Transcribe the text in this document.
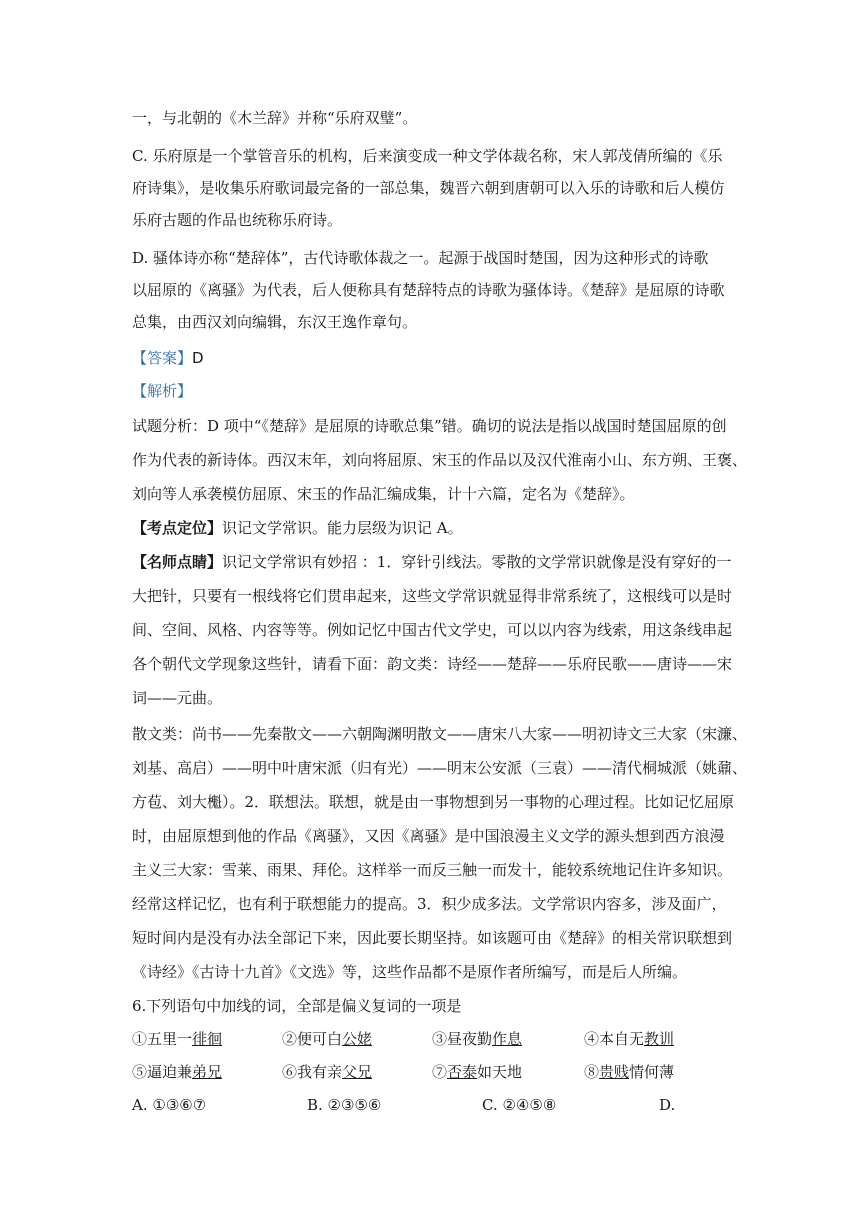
一，与北朝的《木兰辞》并称“乐府双璧”。
C. 乐府原是一个掌管音乐的机构，后来演变成一种文学体裁名称，宋人郭茂倩所编的《乐
府诗集》，是收集乐府歌词最完备的一部总集，魏晋六朝到唐朝可以入乐的诗歌和后人模仿
乐府古题的作品也统称乐府诗。
D. 骚体诗亦称“楚辞体”，古代诗歌体裁之一。起源于战国时楚国，因为这种形式的诗歌
以屈原的《离骚》为代表，后人便称具有楚辞特点的诗歌为骚体诗。《楚辞》是屈原的诗歌
总集，由西汉刘向编辑，东汉王逸作章句。
【答案】D
【解析】
试题分析：D 项中“《楚辞》是屈原的诗歌总集”错。确切的说法是指以战国时楚国屈原的创
作为代表的新诗体。西汉末年，刘向将屈原、宋玉的作品以及汉代淮南小山、东方朔、王褒、
刘向等人承袭模仿屈原、宋玉的作品汇编成集，计十六篇，定名为《楚辞》。
【考点定位】识记文学常识。能力层级为识记 A。
【名师点睛】识记文学常识有妙招 ：1．穿针引线法。零散的文学常识就像是没有穿好的一
大把针，只要有一根线将它们贯串起来，这些文学常识就显得非常系统了，这根线可以是时
间、空间、风格、内容等等。例如记忆中国古代文学史，可以以内容为线索，用这条线串起
各个朝代文学现象这些针，请看下面：韵文类：诗经——楚辞——乐府民歌——唐诗——宋
词——元曲。
散文类：尚书——先秦散文——六朝陶渊明散文——唐宋八大家——明初诗文三大家（宋濂、
刘基、高启）——明中叶唐宋派（归有光）——明末公安派（三袁）——清代桐城派（姚鼐、
方苞、刘大櫆）。2．联想法。联想，就是由一事物想到另一事物的心理过程。比如记忆屈原
时，由屈原想到他的作品《离骚》，又因《离骚》是中国浪漫主义文学的源头想到西方浪漫
主义三大家：雪莱、雨果、拜伦。这样举一而反三触一而发十，能较系统地记住许多知识。
经常这样记忆，也有利于联想能力的提高。3．积少成多法。文学常识内容多，涉及面广，
短时间内是没有办法全部记下来，因此要长期坚持。如该题可由《楚辞》的相关常识联想到
《诗经》《古诗十九首》《文选》等，这些作品都不是原作者所编写，而是后人所编。
6.下列语句中加线的词，全部是偏义复词的一项是
①五里一徘徊	②便可白公姥	③昼夜勤作息	④本自无教训
⑤逼迫兼弟兄	⑥我有亲父兄	⑦否泰如天地	⑧贵贱情何薄
A. ①③⑥⑦	B. ②③⑤⑥	C. ②④⑤⑧	D.
